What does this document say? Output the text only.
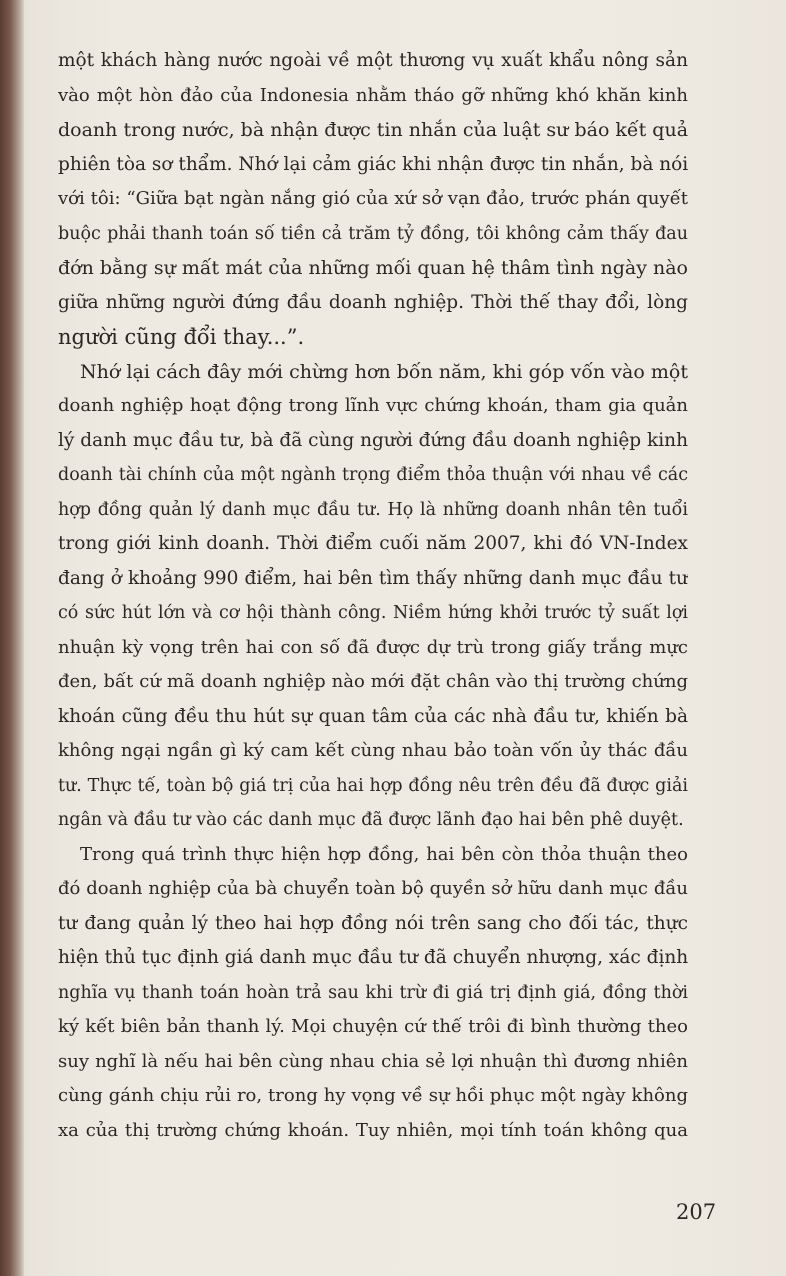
một khách hàng nước ngoài về một thương vụ xuất khẩu nông sản
vào một hòn đảo của Indonesia nhằm tháo gỡ những khó khăn kinh
doanh trong nước, bà nhận được tin nhắn của luật sư báo kết quả
phiên tòa sơ thẩm. Nhớ lại cảm giác khi nhận được tin nhắn, bà nói
với tôi: “Giữa bạt ngàn nắng gió của xứ sở vạn đảo, trước phán quyết
buộc phải thanh toán số tiền cả trăm tỷ đồng, tôi không cảm thấy đau
đớn bằng sự mất mát của những mối quan hệ thâm tình ngày nào
giữa những người đứng đầu doanh nghiệp. Thời thế thay đổi, lòng
người cũng đổi thay...”.
Nhớ lại cách đây mới chừng hơn bốn năm, khi góp vốn vào một
doanh nghiệp hoạt động trong lĩnh vực chứng khoán, tham gia quản
lý danh mục đầu tư, bà đã cùng người đứng đầu doanh nghiệp kinh
doanh tài chính của một ngành trọng điểm thỏa thuận với nhau về các
hợp đồng quản lý danh mục đầu tư. Họ là những doanh nhân tên tuổi
trong giới kinh doanh. Thời điểm cuối năm 2007, khi đó VN-Index
đang ở khoảng 990 điểm, hai bên tìm thấy những danh mục đầu tư
có sức hút lớn và cơ hội thành công. Niềm hứng khởi trước tỷ suất lợi
nhuận kỳ vọng trên hai con số đã được dự trù trong giấy trắng mực
đen, bất cứ mã doanh nghiệp nào mới đặt chân vào thị trường chứng
khoán cũng đều thu hút sự quan tâm của các nhà đầu tư, khiến bà
không ngại ngần gì ký cam kết cùng nhau bảo toàn vốn ủy thác đầu
tư. Thực tế, toàn bộ giá trị của hai hợp đồng nêu trên đều đã được giải
ngân và đầu tư vào các danh mục đã được lãnh đạo hai bên phê duyệt.
Trong quá trình thực hiện hợp đồng, hai bên còn thỏa thuận theo
đó doanh nghiệp của bà chuyển toàn bộ quyền sở hữu danh mục đầu
tư đang quản lý theo hai hợp đồng nói trên sang cho đối tác, thực
hiện thủ tục định giá danh mục đầu tư đã chuyển nhượng, xác định
nghĩa vụ thanh toán hoàn trả sau khi trừ đi giá trị định giá, đồng thời
ký kết biên bản thanh lý. Mọi chuyện cứ thế trôi đi bình thường theo
suy nghĩ là nếu hai bên cùng nhau chia sẻ lợi nhuận thì đương nhiên
cùng gánh chịu rủi ro, trong hy vọng về sự hồi phục một ngày không
xa của thị trường chứng khoán. Tuy nhiên, mọi tính toán không qua
207
